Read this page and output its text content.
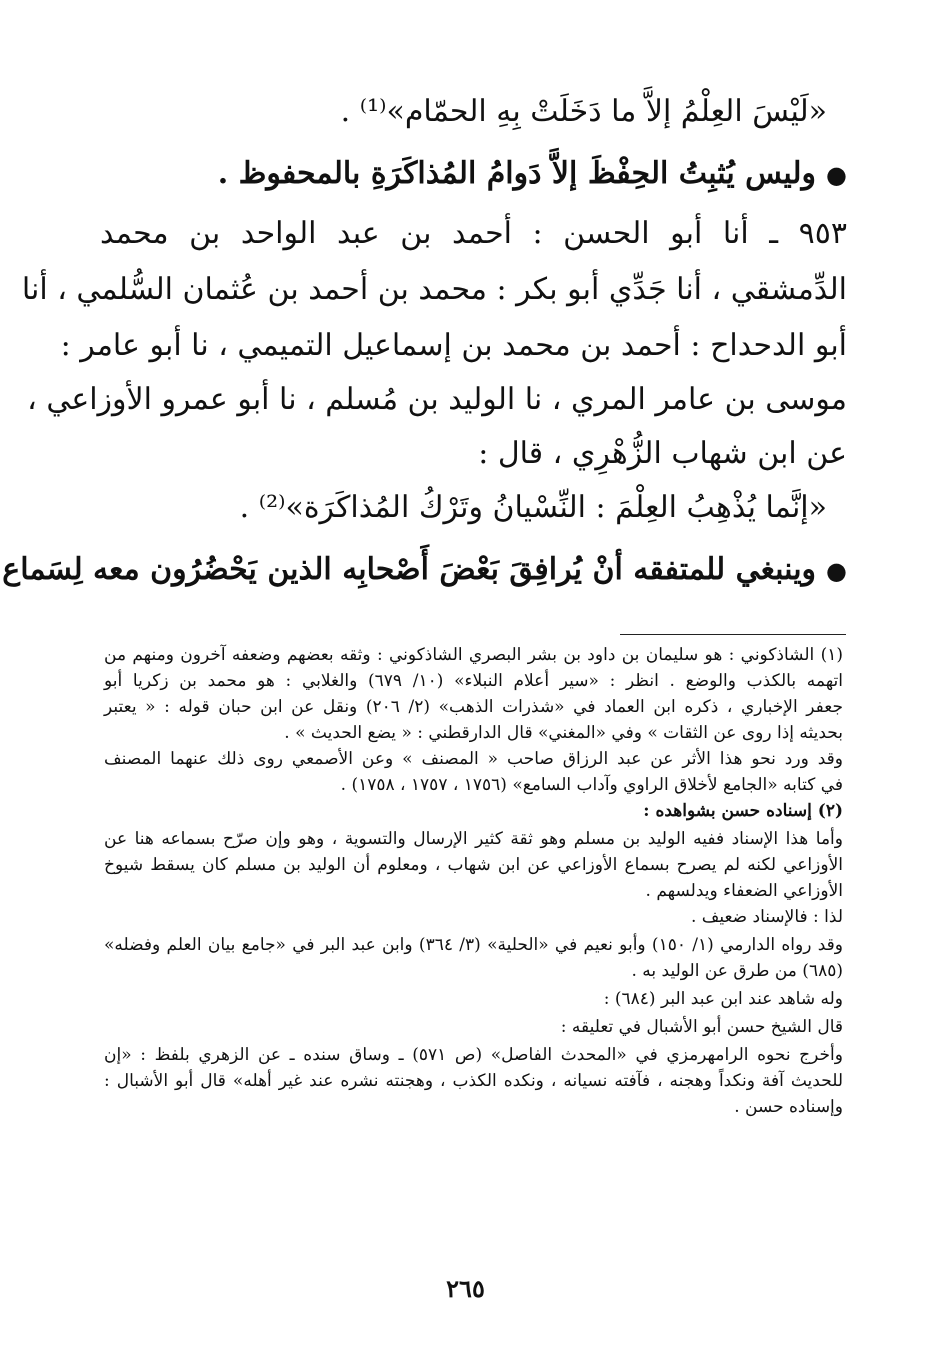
«لَيْسَ العِلْمُ إلاَّ ما دَخَلَتْ بِهِ الحمّام»⁽¹⁾ .
●وليس يُثبِتُ الحِفْظَ إلاَّ دَوامُ المُذاكَرَةِ بالمحفوظ .
٩٥٣ ـ أنا أبو الحسن : أحمد بن عبد الواحد بن محمد
الدِّمشقي ، أنا جَدِّي أبو بكر : محمد بن أحمد بن عُثمان السُّلمي ، أنا
أبو الدحداح : أحمد بن محمد بن إسماعيل التميمي ، نا أبو عامر :
موسى بن عامر المري ، نا الوليد بن مُسلم ، نا أبو عمرو الأوزاعي ،
عن ابن شهاب الزُّهْرِي ، قال :
«إنَّما يُذْهِبُ العِلْمَ : النِّسْيانُ وتَرْكُ المُذاكَرَة»⁽²⁾ .
●وينبغي للمتفقه أنْ يُرافِقَ بَعْضَ أَصْحابِه الذين يَحْضُرُون معه لِسَماع
(١) الشاذكوني : هو سليمان بن داود بن بشر البصري الشاذكوني : وثقه بعضهم وضعفه آخرون ومنهم من
اتهمه بالكذب والوضع . انظر : «سير أعلام النبلاء» (١٠/ ٦٧٩) والغلابي : هو محمد بن زكريا أبو
جعفر الإخباري ، ذكره ابن العماد في «شذرات الذهب» (٢/ ٢٠٦) ونقل عن ابن حبان قوله : « يعتبر
بحديثه إذا روى عن الثقات » وفي «المغني» قال الدارقطني : « يضع الحديث » .
وقد ورد نحو هذا الأثر عن عبد الرزاق صاحب « المصنف » وعن الأصمعي روى ذلك عنهما المصنف
في كتابه «الجامع لأخلاق الراوي وآداب السامع» (١٧٥٦ ، ١٧٥٧ ، ١٧٥٨) .
(٢) إسناده حسن بشواهده :
وأما هذا الإسناد ففيه الوليد بن مسلم وهو ثقة كثير الإرسال والتسوية ، وهو وإن صرّح بسماعه هنا عن
الأوزاعي لكنه لم يصرح بسماع الأوزاعي عن ابن شهاب ، ومعلوم أن الوليد بن مسلم كان يسقط شيوخ
الأوزاعي الضعفاء ويدلسهم .
لذا : فالإسناد ضعيف .
وقد رواه الدارمي (١/ ١٥٠) وأبو نعيم في «الحلية» (٣/ ٣٦٤) وابن عبد البر في «جامع بيان العلم وفضله»
(٦٨٥) من طرق عن الوليد به .
وله شاهد عند ابن عبد البر (٦٨٤) :
قال الشيخ حسن أبو الأشبال في تعليقه :
وأخرج نحوه الرامهرمزي في «المحدث الفاصل» (ص ٥٧١) ـ وساق سنده ـ عن الزهري بلفظ : «إن
للحديث آفة ونكداً وهجنه ، فآفته نسيانه ، ونكده الكذب ، وهجنته نشره عند غير أهله» قال أبو الأشبال :
وإسناده حسن .
٢٦٥
